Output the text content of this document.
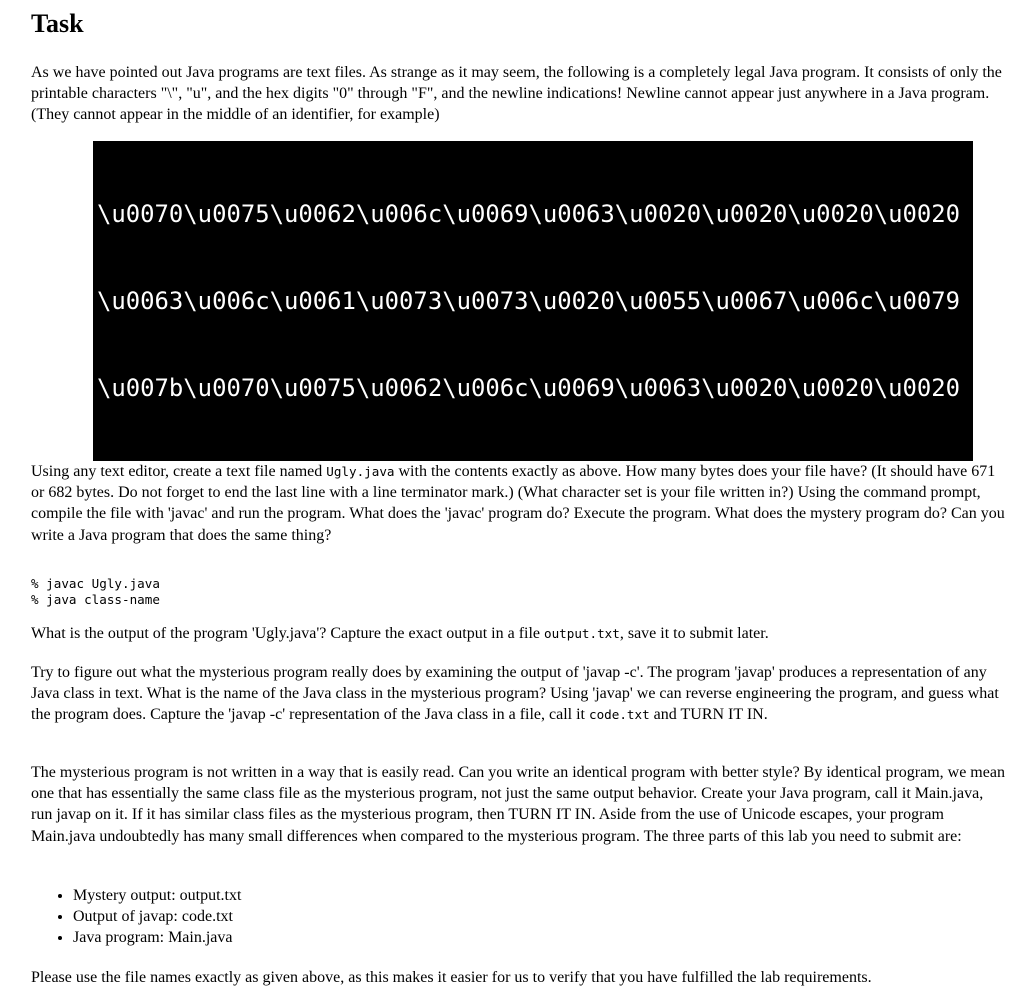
Task

As we have pointed out Java programs are text files. As strange as it may seem, the following is a completely legal Java program. It consists of only the printable characters "\", "u", and the hex digits "0" through "F", and the newline indications! Newline cannot appear just anywhere in a Java program. (They cannot appear in the middle of an identifier, for example)

\u0070\u0075\u0062\u006c\u0069\u0063\u0020\u0020\u0020\u0020

\u0063\u006c\u0061\u0073\u0073\u0020\u0055\u0067\u006c\u0079

\u007b\u0070\u0075\u0062\u006c\u0069\u0063\u0020\u0020\u0020

Using any text editor, create a text file named Ugly.java with the contents exactly as above. How many bytes does your file have? (It should have 671 or 682 bytes. Do not forget to end the last line with a line terminator mark.) (What character set is your file written in?) Using the command prompt, compile the file with 'javac' and run the program. What does the 'javac' program do? Execute the program. What does the mystery program do? Can you write a Java program that does the same thing?

% javac Ugly.java
% java class-name

What is the output of the program 'Ugly.java'? Capture the exact output in a file output.txt, save it to submit later.

Try to figure out what the mysterious program really does by examining the output of 'javap -c'. The program 'javap' produces a representation of any Java class in text. What is the name of the Java class in the mysterious program? Using 'javap' we can reverse engineering the program, and guess what the program does. Capture the 'javap -c' representation of the Java class in a file, call it code.txt and TURN IT IN.

The mysterious program is not written in a way that is easily read. Can you write an identical program with better style? By identical program, we mean one that has essentially the same class file as the mysterious program, not just the same output behavior. Create your Java program, call it Main.java, run javap on it. If it has similar class files as the mysterious program, then TURN IT IN. Aside from the use of Unicode escapes, your program Main.java undoubtedly has many small differences when compared to the mysterious program. The three parts of this lab you need to submit are:

• Mystery output: output.txt
• Output of javap: code.txt
• Java program: Main.java

Please use the file names exactly as given above, as this makes it easier for us to verify that you have fulfilled the lab requirements.
